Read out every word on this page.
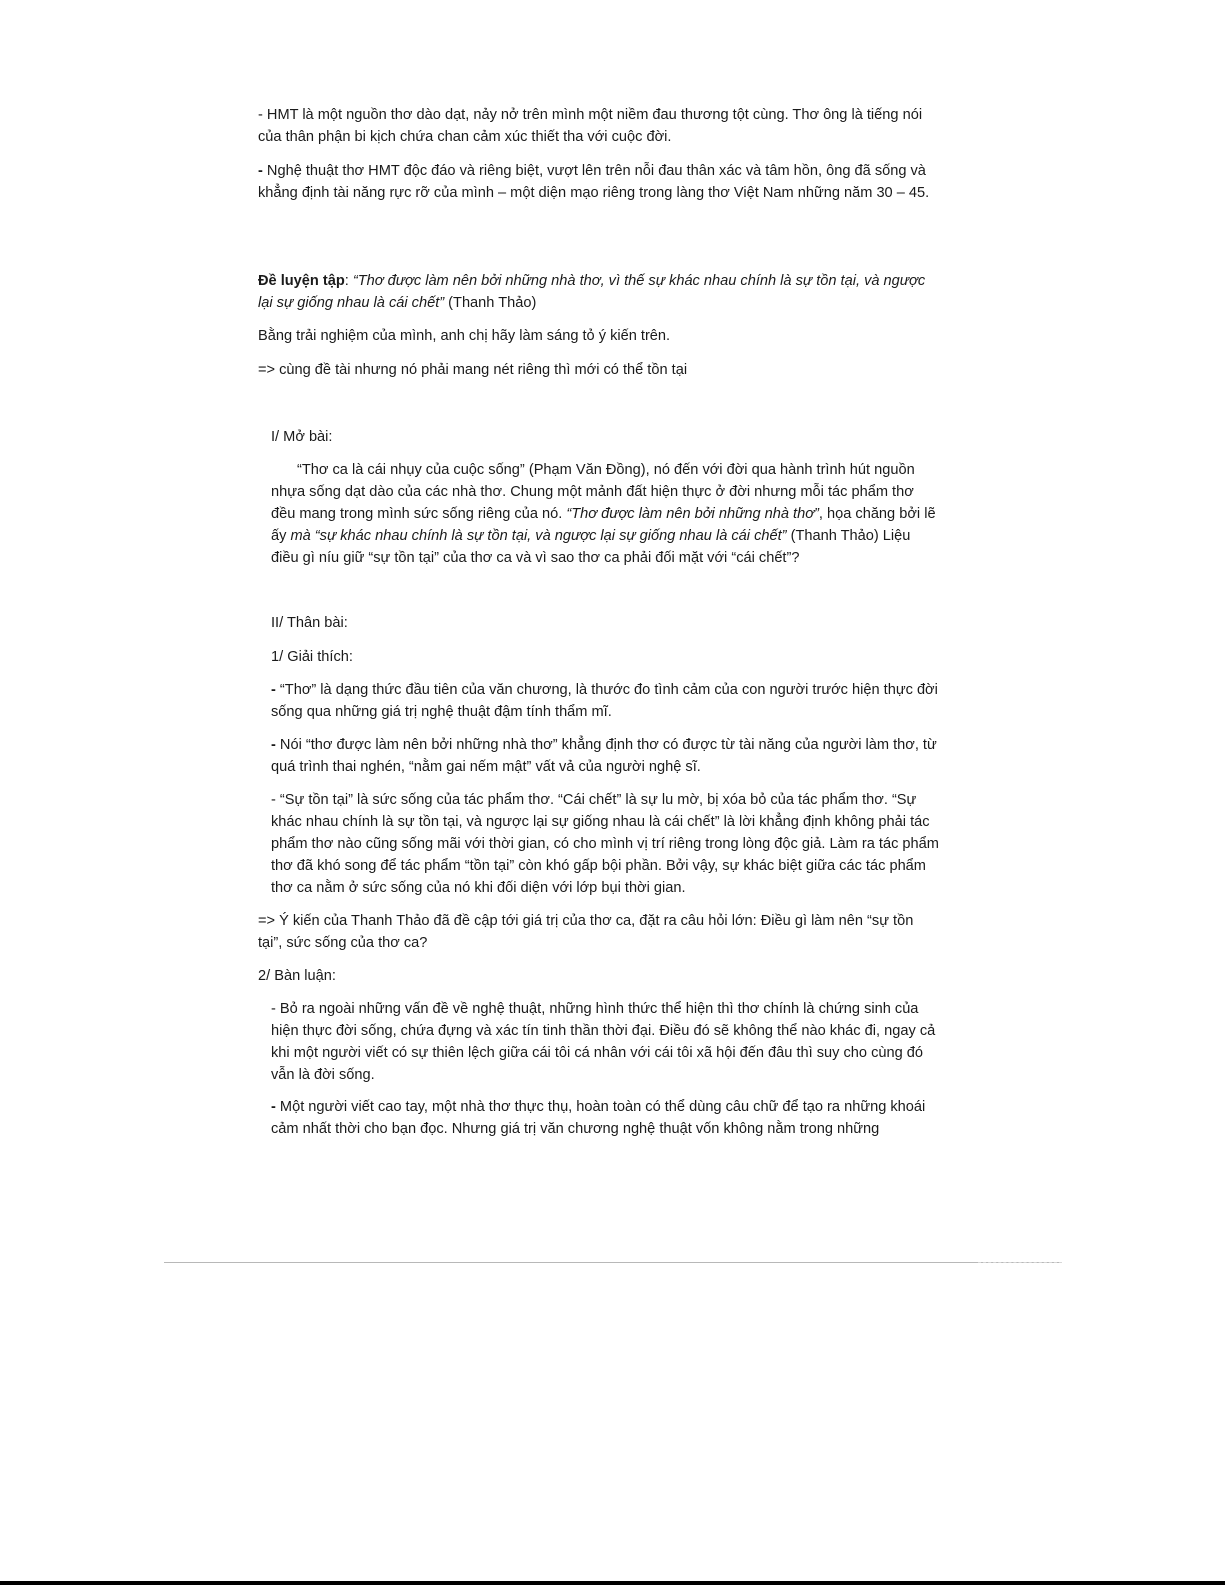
- HMT là một nguồn thơ dào dạt, nảy nở trên mình một niềm đau thương tột cùng. Thơ ông là tiếng nói của thân phận bi kịch chứa chan cảm xúc thiết tha với cuộc đời.

- Nghệ thuật thơ HMT độc đáo và riêng biệt, vượt lên trên nỗi đau thân xác và tâm hồn, ông đã sống và khẳng định tài năng rực rỡ của mình – một diện mạo riêng trong làng thơ Việt Nam những năm 30 – 45.

Đề luyện tập: “Thơ được làm nên bởi những nhà thơ, vì thế sự khác nhau chính là sự tồn tại, và ngược lại sự giống nhau là cái chết” (Thanh Thảo)

Bằng trải nghiệm của mình, anh chị hãy làm sáng tỏ ý kiến trên.

=> cùng đề tài nhưng nó phải mang nét riêng thì mới có thể tồn tại

I/ Mở bài:

“Thơ ca là cái nhụy của cuộc sống” (Phạm Văn Đồng), nó đến với đời qua hành trình hút nguồn nhựa sống dạt dào của các nhà thơ. Chung một mảnh đất hiện thực ở đời nhưng mỗi tác phẩm thơ đều mang trong mình sức sống riêng của nó. “Thơ được làm nên bởi những nhà thơ”, họa chăng bởi lẽ ấy mà “sự khác nhau chính là sự tồn tại, và ngược lại sự giống nhau là cái chết” (Thanh Thảo) Liệu điều gì níu giữ “sự tồn tại” của thơ ca và vì sao thơ ca phải đối mặt với “cái chết”?

II/ Thân bài:

1/ Giải thích:

- “Thơ” là dạng thức đầu tiên của văn chương, là thước đo tình cảm của con người trước hiện thực đời sống qua những giá trị nghệ thuật đậm tính thẩm mĩ.

- Nói “thơ được làm nên bởi những nhà thơ” khẳng định thơ có được từ tài năng của người làm thơ, từ quá trình thai nghén, “nằm gai nếm mật” vất vả của người nghệ sĩ.

- “Sự tồn tại” là sức sống của tác phẩm thơ. “Cái chết” là sự lu mờ, bị xóa bỏ của tác phẩm thơ. “Sự khác nhau chính là sự tồn tại, và ngược lại sự giống nhau là cái chết” là lời khẳng định không phải tác phẩm thơ nào cũng sống mãi với thời gian, có cho mình vị trí riêng trong lòng độc giả. Làm ra tác phẩm thơ đã khó song để tác phẩm “tồn tại” còn khó gấp bội phần. Bởi vậy, sự khác biệt giữa các tác phẩm thơ ca nằm ở sức sống của nó khi đối diện với lớp bụi thời gian.

=> Ý kiến của Thanh Thảo đã đề cập tới giá trị của thơ ca, đặt ra câu hỏi lớn: Điều gì làm nên “sự tồn tại”, sức sống của thơ ca?

2/ Bàn luận:

- Bỏ ra ngoài những vấn đề về nghệ thuật, những hình thức thể hiện thì thơ chính là chứng sinh của hiện thực đời sống, chứa đựng và xác tín tinh thần thời đại. Điều đó sẽ không thể nào khác đi, ngay cả khi một người viết có sự thiên lệch giữa cái tôi cá nhân với cái tôi xã hội đến đâu thì suy cho cùng đó vẫn là đời sống.

- Một người viết cao tay, một nhà thơ thực thụ, hoàn toàn có thể dùng câu chữ để tạo ra những khoái cảm nhất thời cho bạn đọc. Nhưng giá trị văn chương nghệ thuật vốn không nằm trong những
